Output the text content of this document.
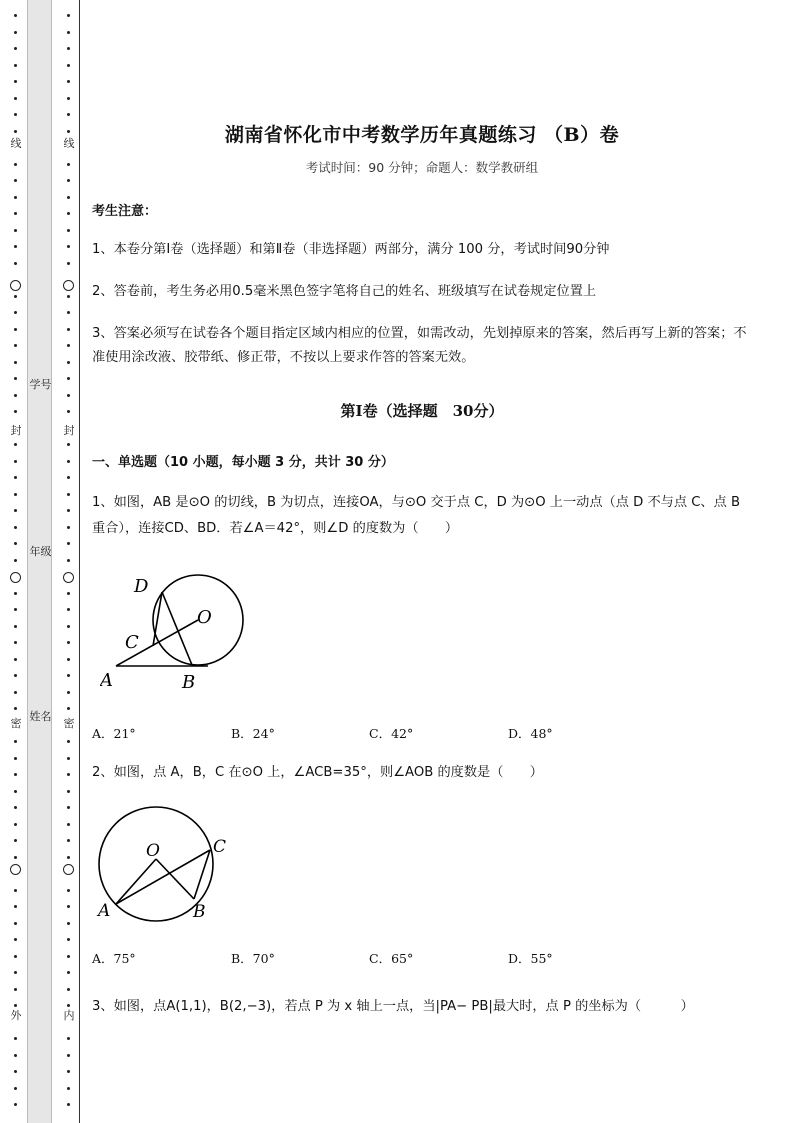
线
封
密
外
学号
年级
姓名
线
封
密
内
湖南省怀化市中考数学历年真题练习 （B）卷
考试时间：90 分钟；命题人：数学教研组
考生注意：
1、本卷分第Ⅰ卷（选择题）和第Ⅱ卷（非选择题）两部分，满分 100 分，考试时间90分钟
2、答卷前，考生务必用0.5毫米黑色签字笔将自己的姓名、班级填写在试卷规定位置上
3、答案必须写在试卷各个题目指定区域内相应的位置，如需改动，先划掉原来的答案，然后再写上新的答案；不准使用涂改液、胶带纸、修正带，不按以上要求作答的答案无效。
第Ⅰ卷（选择题　30分）
一、单选题（10 小题，每小题 3 分，共计 30 分）
1、如图，AB 是⊙O 的切线，B 为切点，连接OA，与⊙O 交于点 C，D 为⊙O 上一动点（点 D 不与点 C、点 B 重合），连接CD、BD．若∠A＝42°，则∠D 的度数为（　　）
D
O
C
A	B
A．21°	B．24°	C．42°	D．48°
2、如图，点 A，B，C 在⊙O 上，∠ACB=35°，则∠AOB 的度数是（　　）
O	C
A	B
A．75°	B．70°	C．65°	D．55°
3、如图，点A(1,1)，B(2,−3)，若点 P 为 x 轴上一点，当|PA− PB|最大时，点 P 的坐标为（　　　）
